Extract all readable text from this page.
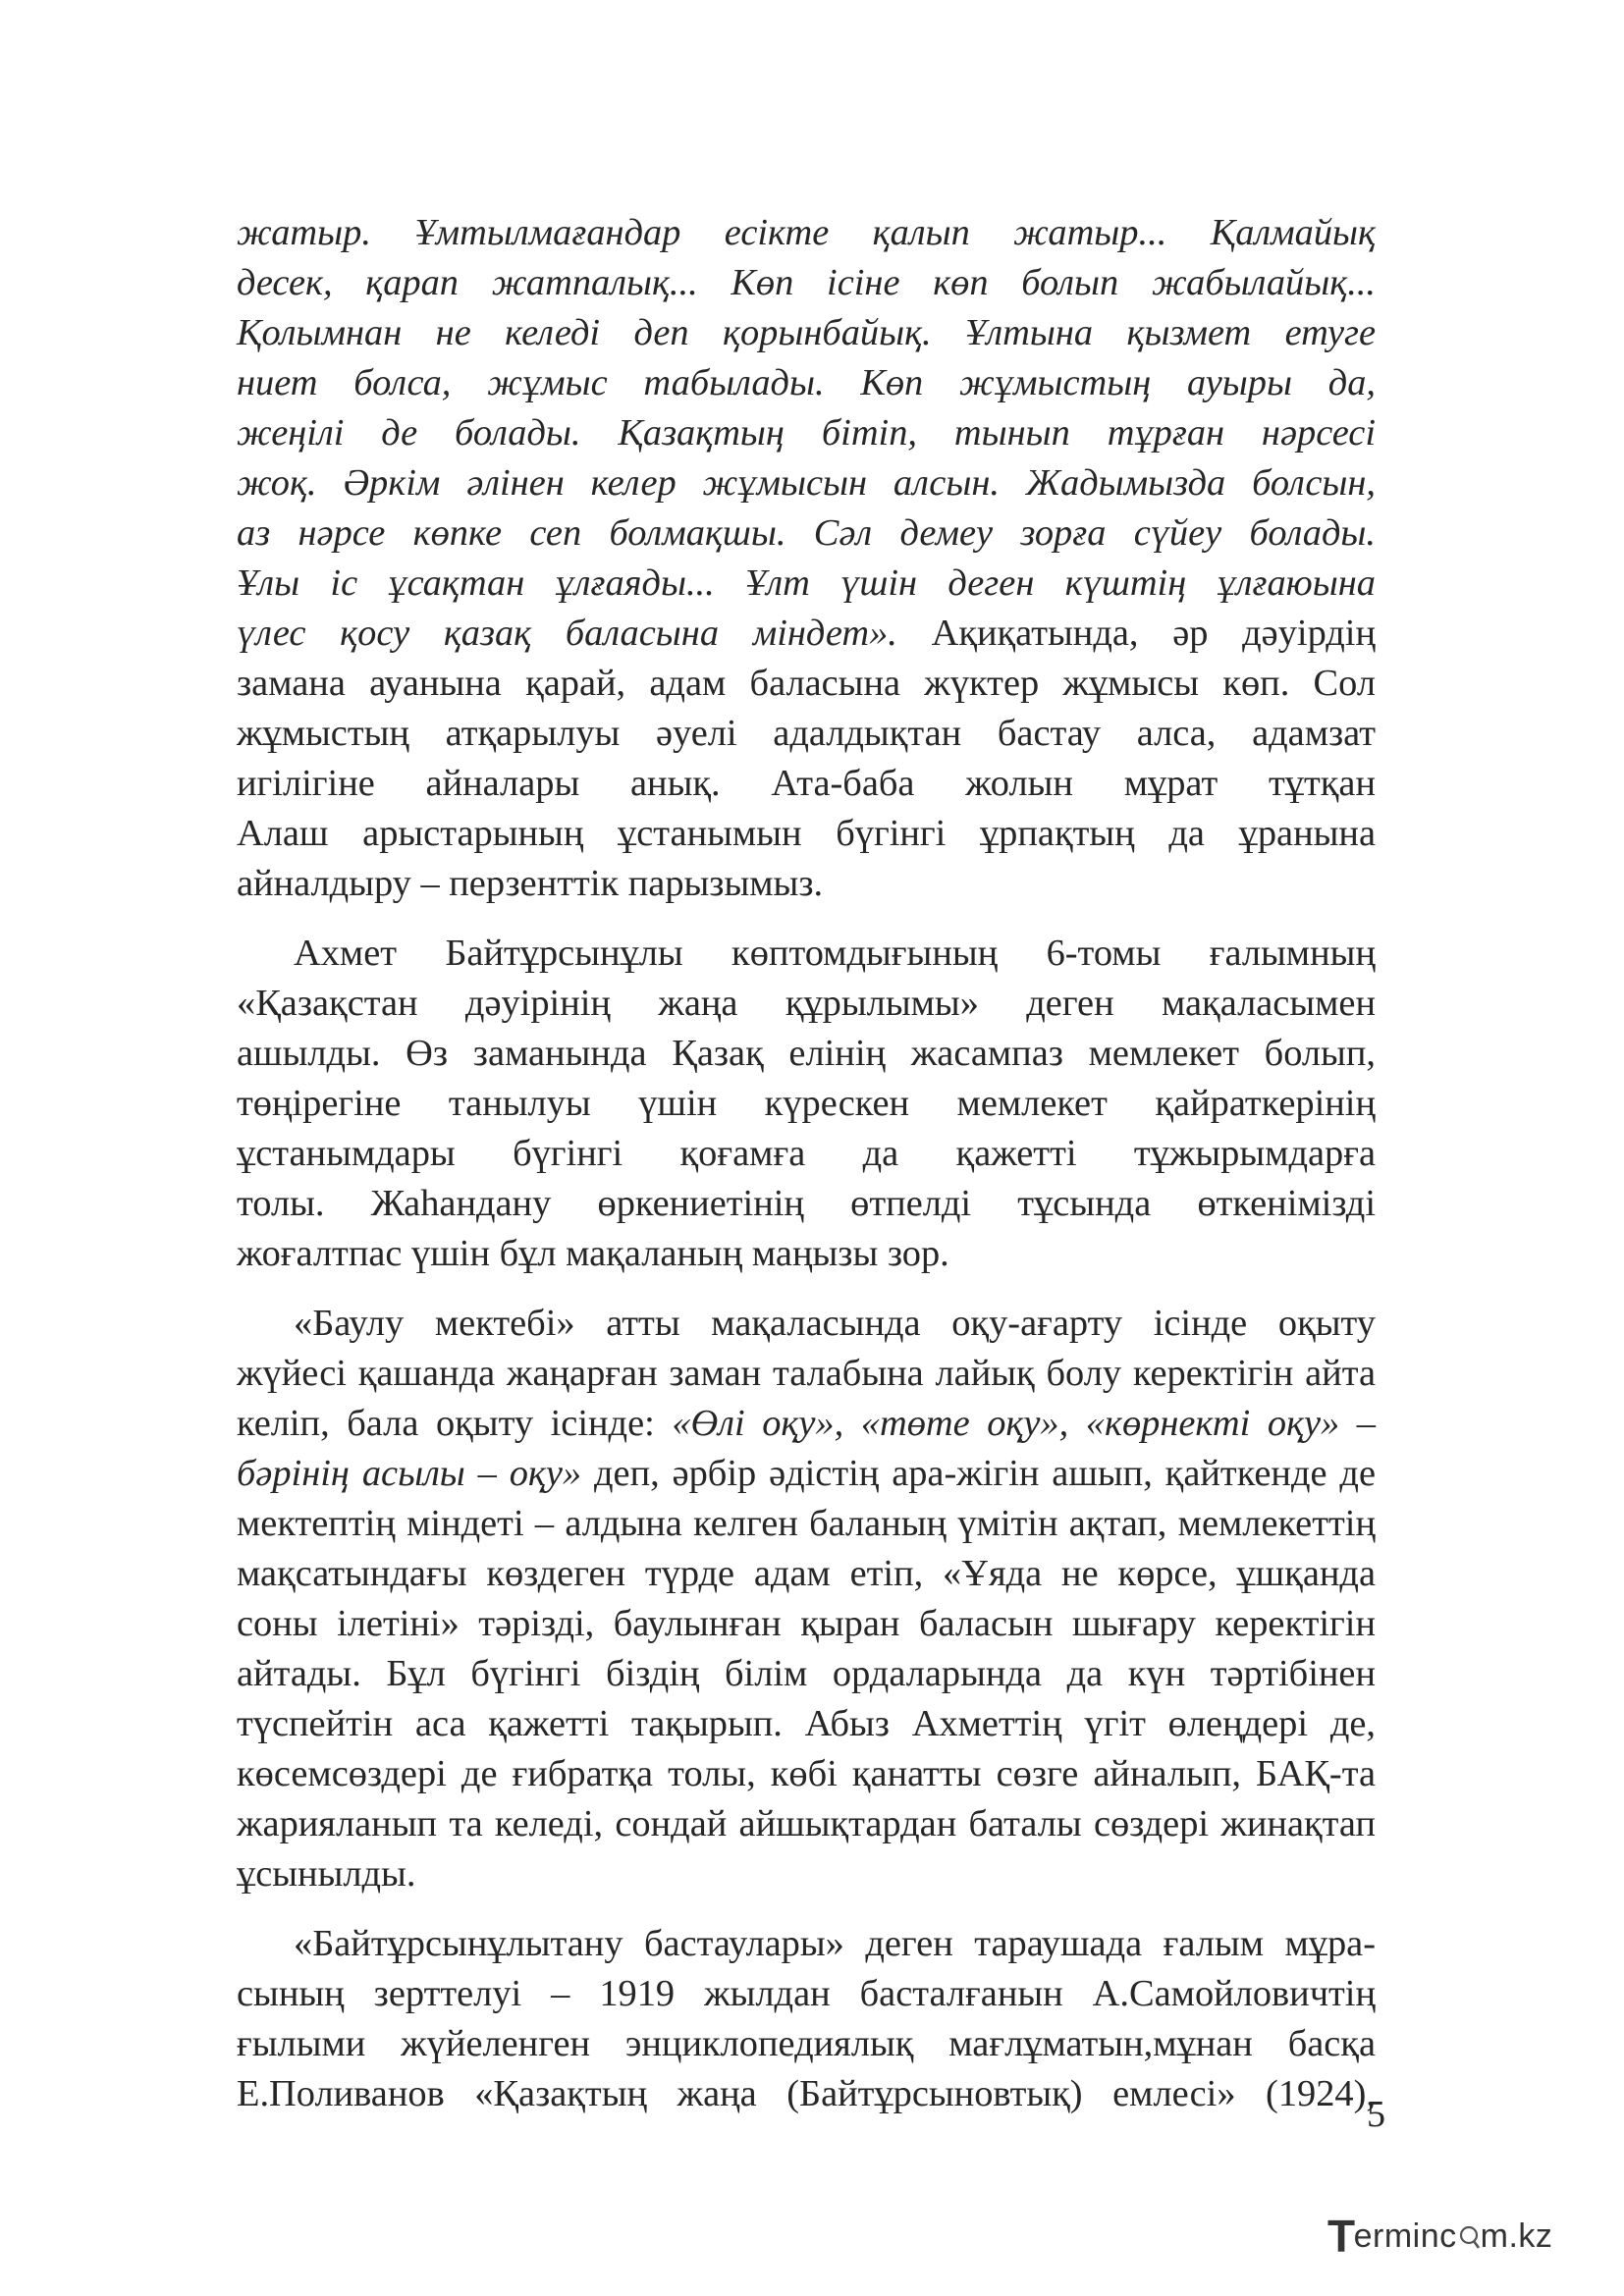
жатыр. Ұмтылмағандар есікте қалып жатыр... Қалмайық
десек, қарап жатпалық... Көп ісіне көп болып жабылайық...
Қолымнан не келеді деп қорынбайық. Ұлтына қызмет етуге
ниет болса, жұмыс табылады. Көп жұмыстың ауыры да,
жеңілі де болады. Қазақтың бітіп, тынып тұрған нәрсесі
жоқ. Әркім әлінен келер жұмысын алсын. Жадымызда болсын,
аз нәрсе көпке сеп болмақшы. Сәл демеу зорға сүйеу болады.
Ұлы іс ұсақтан ұлғаяды... Ұлт үшін деген күштің ұлғаюына
үлес қосу қазақ баласына міндет». Ақиқатында, әр дәуірдің
замана ауанына қарай, адам баласына жүктер жұмысы көп. Сол
жұмыстың атқарылуы әуелі адалдықтан бастау алса, адамзат
игілігіне айналары анық. Ата-баба жолын мұрат тұтқан
Алаш арыстарының ұстанымын бүгінгі ұрпақтың да ұранына
айналдыру – перзенттік парызымыз.
Ахмет Байтұрсынұлы көптомдығының 6-томы ғалымның
«Қазақстан дәуірінің жаңа құрылымы» деген мақаласымен
ашылды. Өз заманында Қазақ елінің жасампаз мемлекет болып,
төңірегіне танылуы үшін күрескен мемлекет қайраткерінің
ұстанымдары бүгінгі қоғамға да қажетті тұжырымдарға
толы. Жаһандану өркениетінің өтпелді тұсында өткенімізді
жоғалтпас үшін бұл мақаланың маңызы зор.
«Баулу мектебі» атты мақаласында оқу-ағарту ісінде оқыту
жүйесі қашанда жаңарған заман талабына лайық болу керектігін айта
келіп, бала оқыту ісінде: «Өлі оқу», «төте оқу», «көрнекті оқу» –
бәрінің асылы – оқу» деп, әрбір әдістің ара-жігін ашып, қайткенде де
мектептің міндеті – алдына келген баланың үмітін ақтап, мемлекеттің
мақсатындағы көздеген түрде адам етіп, «Ұяда не көрсе, ұшқанда
соны ілетіні» тәрізді, баулынған қыран баласын шығару керектігін
айтады. Бұл бүгінгі біздің білім ордаларында да күн тәртібінен
түспейтін аса қажетті тақырып. Абыз Ахметтің үгіт өлеңдері де,
көсемсөздері де ғибратқа толы, көбі қанатты сөзге айналып, БАҚ-та
жарияланып та келеді, сондай айшықтардан баталы сөздері жинақтап
ұсынылды.
«Байтұрсынұлытану бастаулары» деген тараушада ғалым мұра-
сының зерттелуі – 1919 жылдан басталғанын А.Самойловичтің
ғылыми жүйеленген энциклопедиялық мағлұматын,мұнан басқа
Е.Поливанов «Қазақтың жаңа (Байтұрсыновтық) емлесі» (1924),
5
T
erminc m.kz
